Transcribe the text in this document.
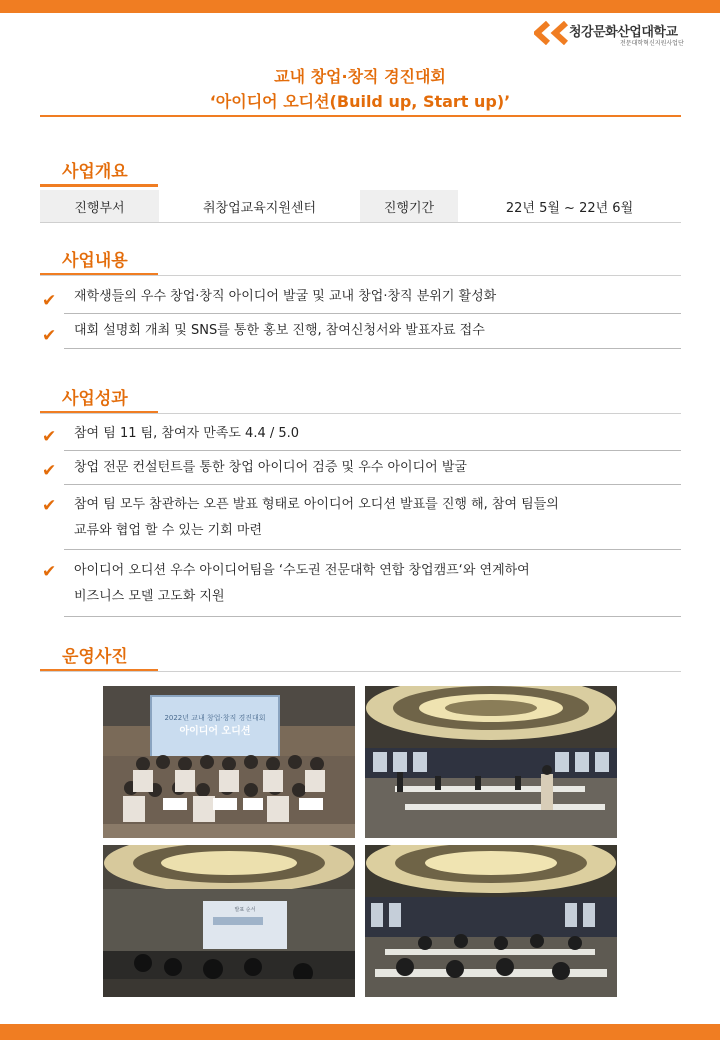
청강문화산업대학교
전문대학혁신지원사업단
교내 창업·창직 경진대회
‘아이디어 오디션(Build up, Start up)’
사업개요
진행부서	취창업교육지원센터	진행기간	22년 5월 ~ 22년 6월
사업내용
✔ 재학생들의 우수 창업·창직 아이디어 발굴 및 교내 창업·창직 분위기 활성화
✔ 대회 설명회 개최 및 SNS를 통한 홍보 진행, 참여신청서와 발표자료 접수
사업성과
✔ 참여 팀 11 팀, 참여자 만족도 4.4 / 5.0
✔ 창업 전문 컨설턴트를 통한 창업 아이디어 검증 및 우수 아이디어 발굴
✔ 참여 팀 모두 참관하는 오픈 발표 형태로 아이디어 오디션 발표를 진행 해, 참여 팀들의
교류와 협업 할 수 있는 기회 마련
✔ 아이디어 오디션 우수 아이디어팀을 ‘수도권 전문대학 연합 창업캠프‘와 연계하여
비즈니스 모델 고도화 지원
운영사진
2022년 교내 창업·창직 경진대회
아이디어 오디션
발표 순서
